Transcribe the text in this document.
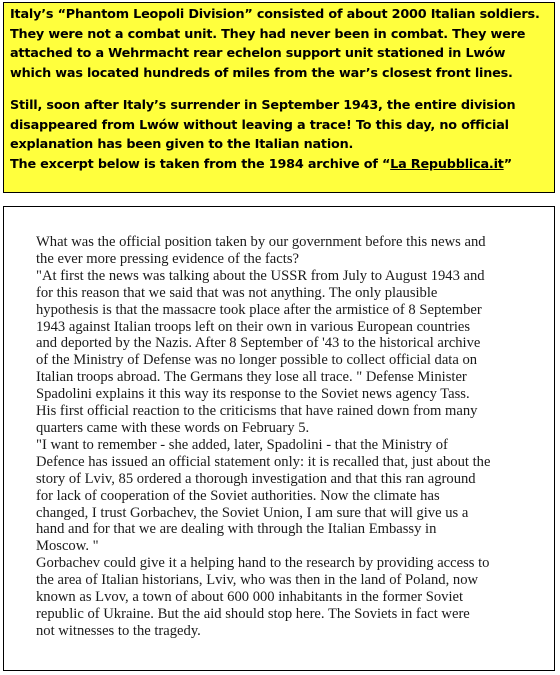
Italy’s “Phantom Leopoli Division” consisted of about 2000 Italian soldiers.
They were not a combat unit. They had never been in combat. They were
attached to a Wehrmacht rear echelon support unit stationed in Lwów
which was located hundreds of miles from the war’s closest front lines.

Still, soon after Italy’s surrender in September 1943, the entire division
disappeared from Lwów without leaving a trace! To this day, no official
explanation has been given to the Italian nation.

The excerpt below is taken from the 1984 archive of “La Repubblica.it”

What was the official position taken by our government before this news and
the ever more pressing evidence of the facts?
"At first the news was talking about the USSR from July to August 1943 and
for this reason that we said that was not anything. The only plausible
hypothesis is that the massacre took place after the armistice of 8 September
1943 against Italian troops left on their own in various European countries
and deported by the Nazis. After 8 September of '43 to the historical archive
of the Ministry of Defense was no longer possible to collect official data on
Italian troops abroad. The Germans they lose all trace. " Defense Minister
Spadolini explains it this way its response to the Soviet news agency Tass.
His first official reaction to the criticisms that have rained down from many
quarters came with these words on February 5.
"I want to remember - she added, later, Spadolini - that the Ministry of
Defence has issued an official statement only: it is recalled that, just about the
story of Lviv, 85 ordered a thorough investigation and that this ran aground
for lack of cooperation of the Soviet authorities. Now the climate has
changed, I trust Gorbachev, the Soviet Union, I am sure that will give us a
hand and for that we are dealing with through the Italian Embassy in
Moscow. "
Gorbachev could give it a helping hand to the research by providing access to
the area of Italian historians, Lviv, who was then in the land of Poland, now
known as Lvov, a town of about 600 000 inhabitants in the former Soviet
republic of Ukraine. But the aid should stop here. The Soviets in fact were
not witnesses to the tragedy.
